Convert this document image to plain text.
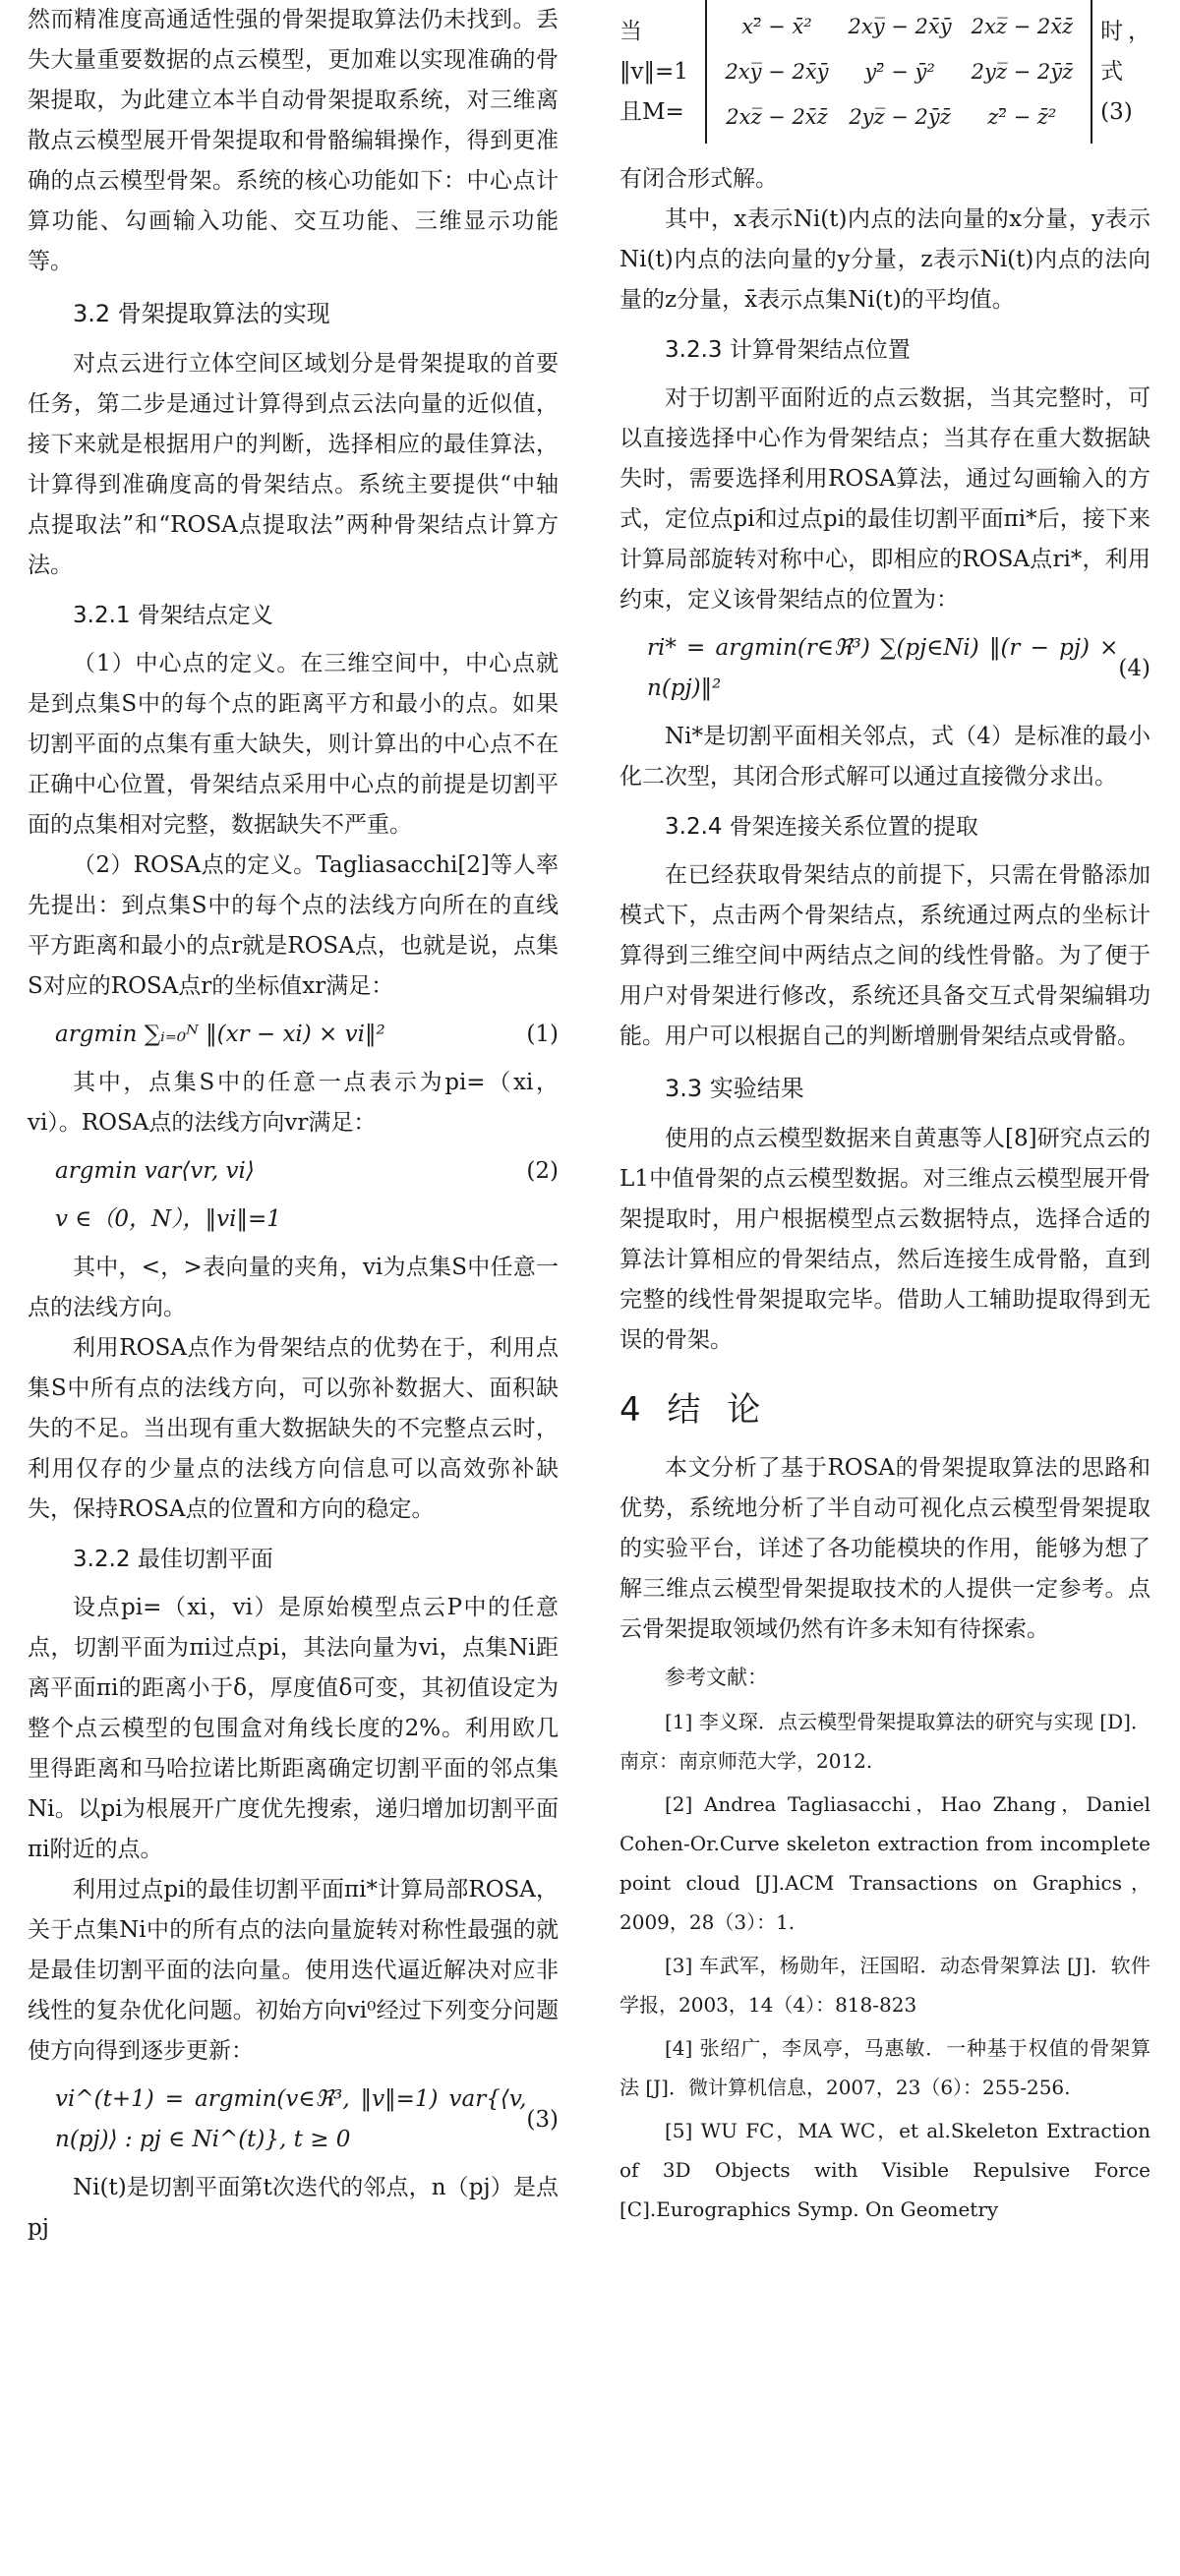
然而精准度高通适性强的骨架提取算法仍未找到。丢失大量重要数据的点云模型，更加难以实现准确的骨架提取，为此建立本半自动骨架提取系统，对三维离散点云模型展开骨架提取和骨骼编辑操作，得到更准确的点云模型骨架。系统的核心功能如下：中心点计算功能、勾画输入功能、交互功能、三维显示功能等。

3.2 骨架提取算法的实现

对点云进行立体空间区域划分是骨架提取的首要任务，第二步是通过计算得到点云法向量的近似值，接下来就是根据用户的判断，选择相应的最佳算法，计算得到准确度高的骨架结点。系统主要提供“中轴点提取法”和“ROSA点提取法”两种骨架结点计算方法。

3.2.1 骨架结点定义

（1）中心点的定义。在三维空间中，中心点就是到点集S中的每个点的距离平方和最小的点。如果切割平面的点集有重大缺失，则计算出的中心点不在正确中心位置，骨架结点采用中心点的前提是切割平面的点集相对完整，数据缺失不严重。

（2）ROSA点的定义。Tagliasacchi[2]等人率先提出：到点集S中的每个点的法线方向所在的直线平方距离和最小的点r就是ROSA点，也就是说，点集S对应的ROSA点r的坐标值xr满足：

argmin ∑ᵢ₌₀ᴺ ‖(xr − xi) × vi‖²	(1)

其中，点集S中的任意一点表示为pi=（xi，vi）。ROSA点的法线方向vr满足：

argmin var⟨vr, vi⟩	(2)
v ∈（0，N），‖vi‖=1

其中，<，>表向量的夹角，vi为点集S中任意一点的法线方向。

利用ROSA点作为骨架结点的优势在于，利用点集S中所有点的法线方向，可以弥补数据大、面积缺失的不足。当出现有重大数据缺失的不完整点云时，利用仅存的少量点的法线方向信息可以高效弥补缺失，保持ROSA点的位置和方向的稳定。

3.2.2 最佳切割平面

设点pi=（xi，vi）是原始模型点云P中的任意点，切割平面为πi过点pi，其法向量为vi，点集Ni距离平面πi的距离小于δ，厚度值δ可变，其初值设定为整个点云模型的包围盒对角线长度的2%。利用欧几里得距离和马哈拉诺比斯距离确定切割平面的邻点集Ni。以pi为根展开广度优先搜索，递归增加切割平面πi附近的点。

利用过点pi的最佳切割平面πi*计算局部ROSA，关于点集Ni中的所有点的法向量旋转对称性最强的就是最佳切割平面的法向量。使用迭代逼近解决对应非线性的复杂优化问题。初始方向vi⁰经过下列变分问题使方向得到逐步更新：

vi^(t+1) = argmin(v∈ℜ³, ‖v‖=1) var{⟨v, n(pj)⟩ : pj ∈ Ni^(t)}, t ≥ 0
(3)

Ni(t)是切割平面第t次迭代的邻点，n（pj）是点pj

当‖v‖=1且M=
x²̄ − x̄²	2xy̅ − 2x̄ȳ	2xz̅ − 2x̄z̄
2xy̅ − 2x̄ȳ	y²̄ − ȳ²	2yz̅ − 2ȳz̄
2xz̅ − 2x̄z̄	2yz̅ − 2ȳz̄	z²̄ − z̄²
时，式(3)

有闭合形式解。

其中，x表示Ni(t)内点的法向量的x分量，y表示Ni(t)内点的法向量的y分量，z表示Ni(t)内点的法向量的z分量，x̄表示点集Ni(t)的平均值。

3.2.3 计算骨架结点位置

对于切割平面附近的点云数据，当其完整时，可以直接选择中心作为骨架结点；当其存在重大数据缺失时，需要选择利用ROSA算法，通过勾画输入的方式，定位点pi和过点pi的最佳切割平面πi*后，接下来计算局部旋转对称中心，即相应的ROSA点ri*，利用约束，定义该骨架结点的位置为：

ri* = argmin(r∈ℜ³) ∑(pj∈Ni) ‖(r − pj) × n(pj)‖²
(4)

Ni*是切割平面相关邻点，式（4）是标准的最小化二次型，其闭合形式解可以通过直接微分求出。

3.2.4 骨架连接关系位置的提取

在已经获取骨架结点的前提下，只需在骨骼添加模式下，点击两个骨架结点，系统通过两点的坐标计算得到三维空间中两结点之间的线性骨骼。为了便于用户对骨架进行修改，系统还具备交互式骨架编辑功能。用户可以根据自己的判断增删骨架结点或骨骼。

3.3 实验结果

使用的点云模型数据来自黄惠等人[8]研究点云的L1中值骨架的点云模型数据。对三维点云模型展开骨架提取时，用户根据模型点云数据特点，选择合适的算法计算相应的骨架结点，然后连接生成骨骼，直到完整的线性骨架提取完毕。借助人工辅助提取得到无误的骨架。

4 结 论

本文分析了基于ROSA的骨架提取算法的思路和优势，系统地分析了半自动可视化点云模型骨架提取的实验平台，详述了各功能模块的作用，能够为想了解三维点云模型骨架提取技术的人提供一定参考。点云骨架提取领域仍然有许多未知有待探索。

参考文献：

[1] 李义琛．点云模型骨架提取算法的研究与实现 [D]．南京：南京师范大学，2012.

[2] Andrea Tagliasacchi，Hao Zhang，Daniel Cohen-Or.Curve skeleton extraction from incomplete point cloud [J].ACM Transactions on Graphics，2009，28（3）：1.

[3] 车武军，杨勋年，汪国昭．动态骨架算法 [J]．软件学报，2003，14（4）：818-823

[4] 张绍广，李凤亭，马惠敏．一种基于权值的骨架算法 [J]．微计算机信息，2007，23（6）：255-256.

[5] WU FC，MA WC，et al.Skeleton Extraction of 3D Objects with Visible Repulsive Force [C].Eurographics Symp. On Geometry
